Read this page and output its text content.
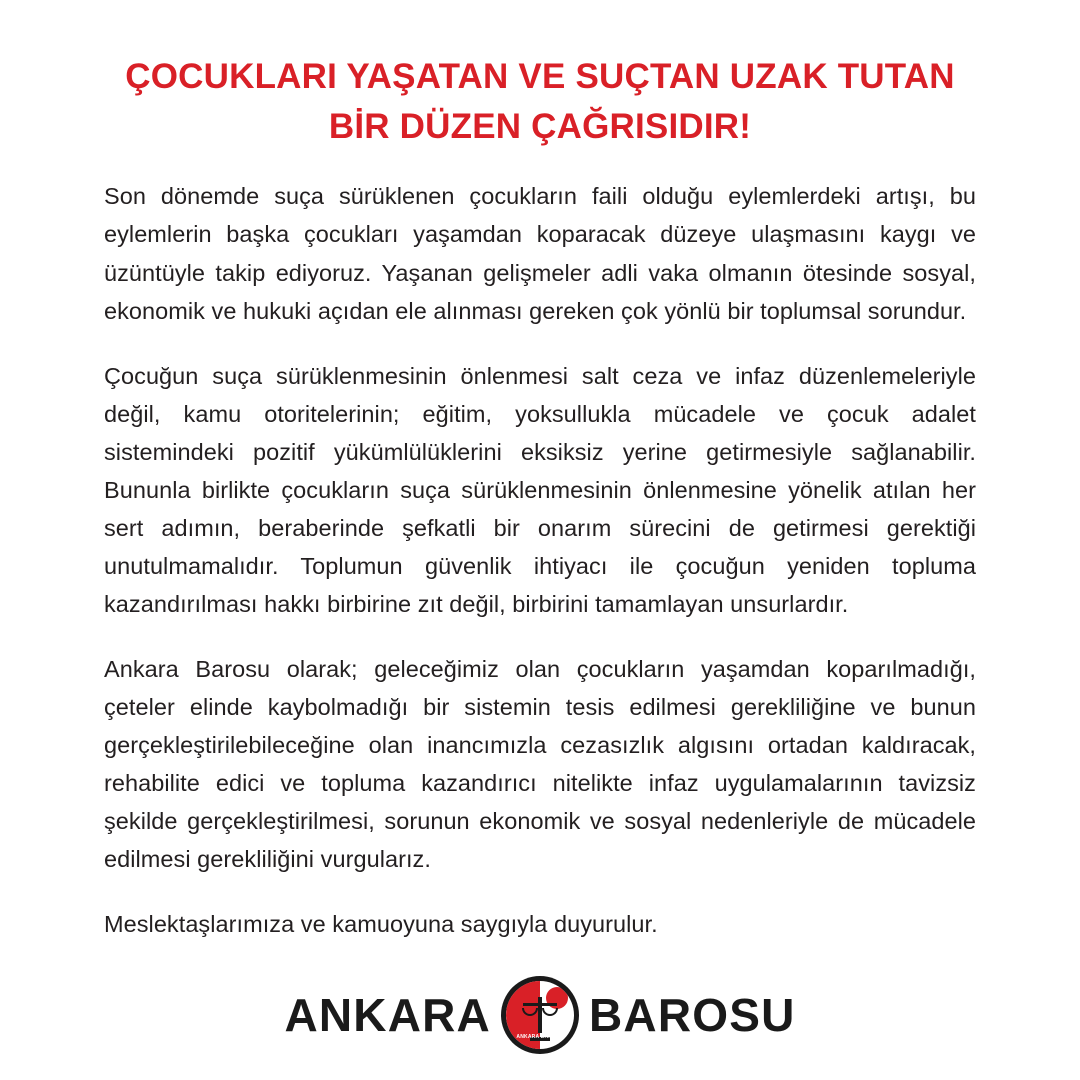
ÇOCUKLARI YAŞATAN VE SUÇTAN UZAK TUTAN
BİR DÜZEN ÇAĞRISIDIR!

Son dönemde suça sürüklenen çocukların faili olduğu eylemlerdeki artışı, bu eylemlerin başka çocukları yaşamdan koparacak düzeye ulaşmasını kaygı ve üzüntüyle takip ediyoruz. Yaşanan gelişmeler adli vaka olmanın ötesinde sosyal, ekonomik ve hukuki açıdan ele alınması gereken çok yönlü bir toplumsal sorundur.

Çocuğun suça sürüklenmesinin önlenmesi salt ceza ve infaz düzenlemeleriyle değil, kamu otoritelerinin; eğitim, yoksullukla mücadele ve çocuk adalet sistemindeki pozitif yükümlülüklerini eksiksiz yerine getirmesiyle sağlanabilir. Bununla birlikte çocukların suça sürüklenmesinin önlenmesine yönelik atılan her sert adımın, beraberinde şefkatli bir onarım sürecini de getirmesi gerektiği unutulmamalıdır. Toplumun güvenlik ihtiyacı ile çocuğun yeniden topluma kazandırılması hakkı birbirine zıt değil, birbirini tamamlayan unsurlardır.

Ankara Barosu olarak; geleceğimiz olan çocukların yaşamdan koparılmadığı, çeteler elinde kaybolmadığı bir sistemin tesis edilmesi gerekliliğine ve bunun gerçekleştirilebileceğine olan inancımızla cezasızlık algısını ortadan kaldıracak, rehabilite edici ve topluma kazandırıcı nitelikte infaz uygulamalarının tavizsiz şekilde gerçekleştirilmesi, sorunun ekonomik ve sosyal nedenleriyle de mücadele edilmesi gerekliliğini vurgularız.

Meslektaşlarımıza ve kamuoyuna saygıyla duyurulur.

ANKARA	ANKARA BAROSU BAROSU
